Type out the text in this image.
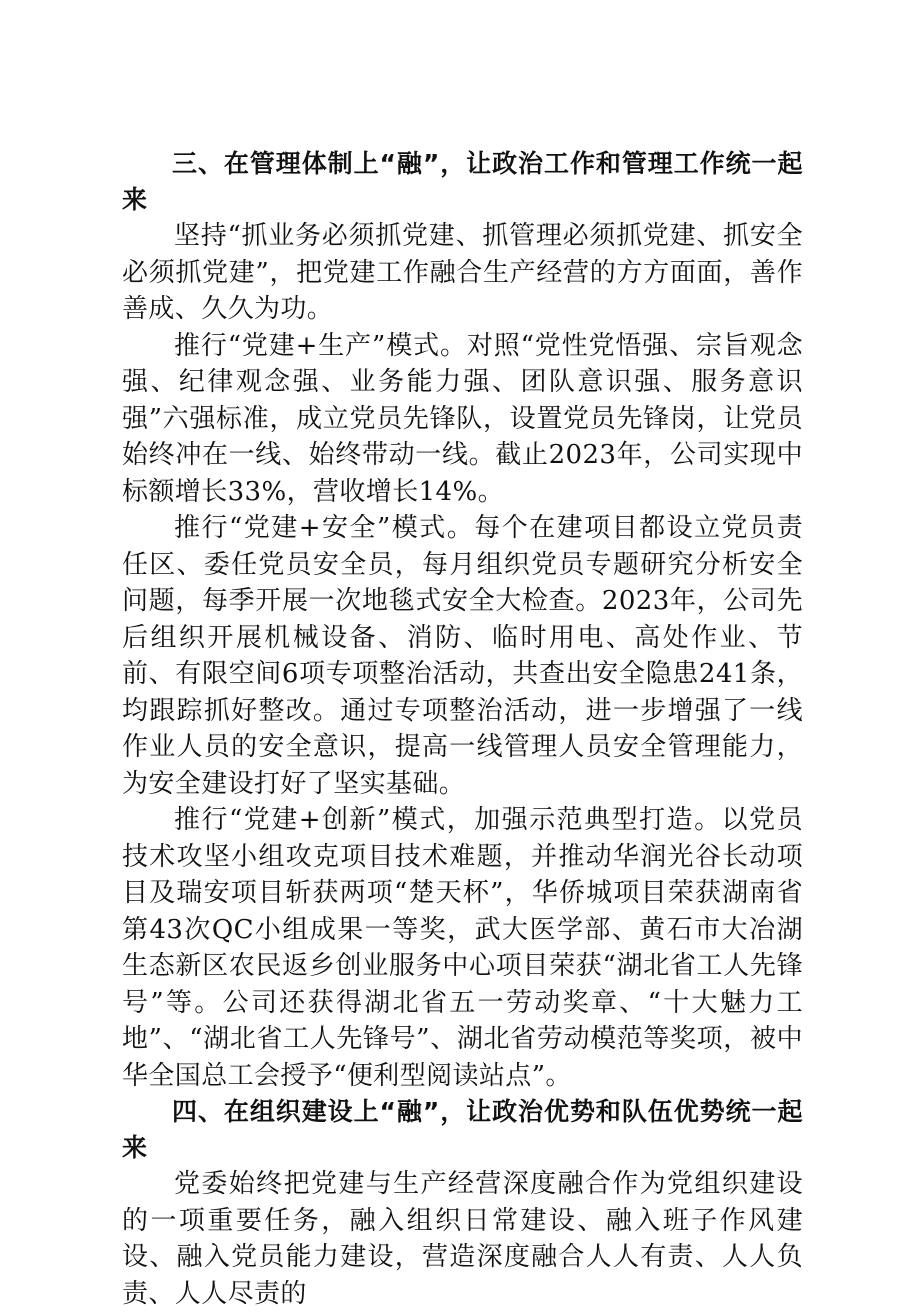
三、在管理体制上“融”，让政治工作和管理工作统一起来

坚持“抓业务必须抓党建、抓管理必须抓党建、抓安全必须抓党建”，把党建工作融合生产经营的方方面面，善作善成、久久为功。

推行“党建+生产”模式。对照“党性党悟强、宗旨观念强、纪律观念强、业务能力强、团队意识强、服务意识强”六强标准，成立党员先锋队，设置党员先锋岗，让党员始终冲在一线、始终带动一线。截止2023年，公司实现中标额增长33%，营收增长14%。

推行“党建+安全”模式。每个在建项目都设立党员责任区、委任党员安全员，每月组织党员专题研究分析安全问题，每季开展一次地毯式安全大检查。2023年，公司先后组织开展机械设备、消防、临时用电、高处作业、节前、有限空间6项专项整治活动，共查出安全隐患241条，均跟踪抓好整改。通过专项整治活动，进一步增强了一线作业人员的安全意识，提高一线管理人员安全管理能力，为安全建设打好了坚实基础。

推行“党建+创新”模式，加强示范典型打造。以党员技术攻坚小组攻克项目技术难题，并推动华润光谷长动项目及瑞安项目斩获两项“楚天杯”，华侨城项目荣获湖南省第43次QC小组成果一等奖，武大医学部、黄石市大冶湖生态新区农民返乡创业服务中心项目荣获“湖北省工人先锋号”等。公司还获得湖北省五一劳动奖章、“十大魅力工地”、“湖北省工人先锋号”、湖北省劳动模范等奖项，被中华全国总工会授予“便利型阅读站点”。

四、在组织建设上“融”，让政治优势和队伍优势统一起来

党委始终把党建与生产经营深度融合作为党组织建设的一项重要任务，融入组织日常建设、融入班子作风建设、融入党员能力建设，营造深度融合人人有责、人人负责、人人尽责的
